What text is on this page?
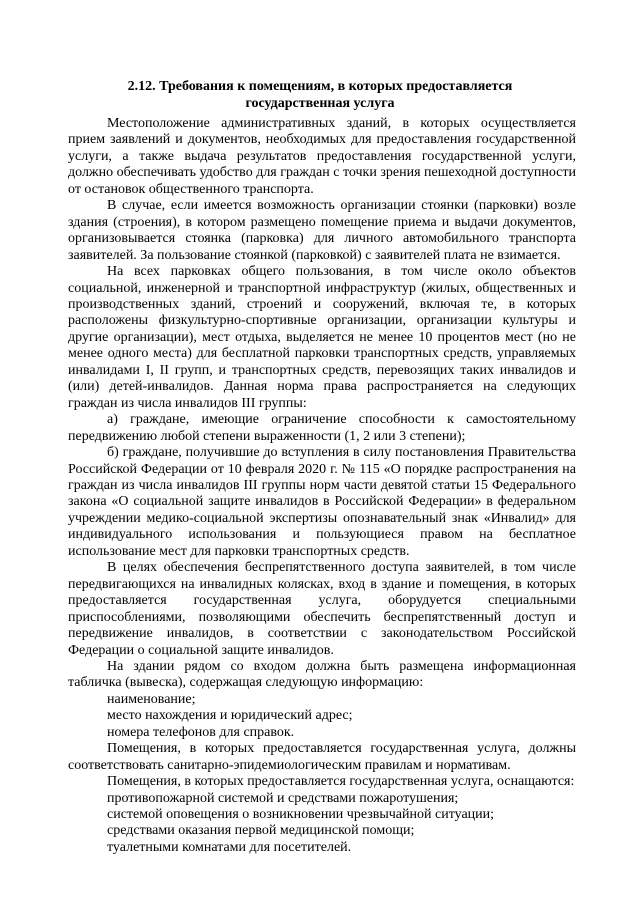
2.12. Требования к помещениям, в которых предоставляется
государственная услуга

Местоположение административных зданий, в которых осуществляется прием заявлений и документов, необходимых для предоставления государственной услуги, а также выдача результатов предоставления государственной услуги, должно обеспечивать удобство для граждан с точки зрения пешеходной доступности от остановок общественного транспорта.

В случае, если имеется возможность организации стоянки (парковки) возле здания (строения), в котором размещено помещение приема и выдачи документов, организовывается стоянка (парковка) для личного автомобильного транспорта заявителей. За пользование стоянкой (парковкой) с заявителей плата не взимается.

На всех парковках общего пользования, в том числе около объектов социальной, инженерной и транспортной инфраструктур (жилых, общественных и производственных зданий, строений и сооружений, включая те, в которых расположены физкультурно-спортивные организации, организации культуры и другие организации), мест отдыха, выделяется не менее 10 процентов мест (но не менее одного места) для бесплатной парковки транспортных средств, управляемых инвалидами I, II групп, и транспортных средств, перевозящих таких инвалидов и (или) детей-инвалидов. Данная норма права распространяется на следующих граждан из числа инвалидов III группы:

а) граждане, имеющие ограничение способности к самостоятельному передвижению любой степени выраженности (1, 2 или 3 степени);

б) граждане, получившие до вступления в силу постановления Правительства Российской Федерации от 10 февраля 2020 г. № 115 «О порядке распространения на граждан из числа инвалидов III группы норм части девятой статьи 15 Федерального закона «О социальной защите инвалидов в Российской Федерации» в федеральном учреждении медико-социальной экспертизы опознавательный знак «Инвалид» для индивидуального использования и пользующиеся правом на бесплатное использование мест для парковки транспортных средств.

В целях обеспечения беспрепятственного доступа заявителей, в том числе передвигающихся на инвалидных колясках, вход в здание и помещения, в которых предоставляется государственная услуга, оборудуется специальными приспособлениями, позволяющими обеспечить беспрепятственный доступ и передвижение инвалидов, в соответствии с законодательством Российской Федерации о социальной защите инвалидов.

На здании рядом со входом должна быть размещена информационная табличка (вывеска), содержащая следующую информацию:

наименование;

место нахождения и юридический адрес;

номера телефонов для справок.

Помещения, в которых предоставляется государственная услуга, должны соответствовать санитарно-эпидемиологическим правилам и нормативам.

Помещения, в которых предоставляется государственная услуга, оснащаются:

противопожарной системой и средствами пожаротушения;

системой оповещения о возникновении чрезвычайной ситуации;

средствами оказания первой медицинской помощи;

туалетными комнатами для посетителей.
